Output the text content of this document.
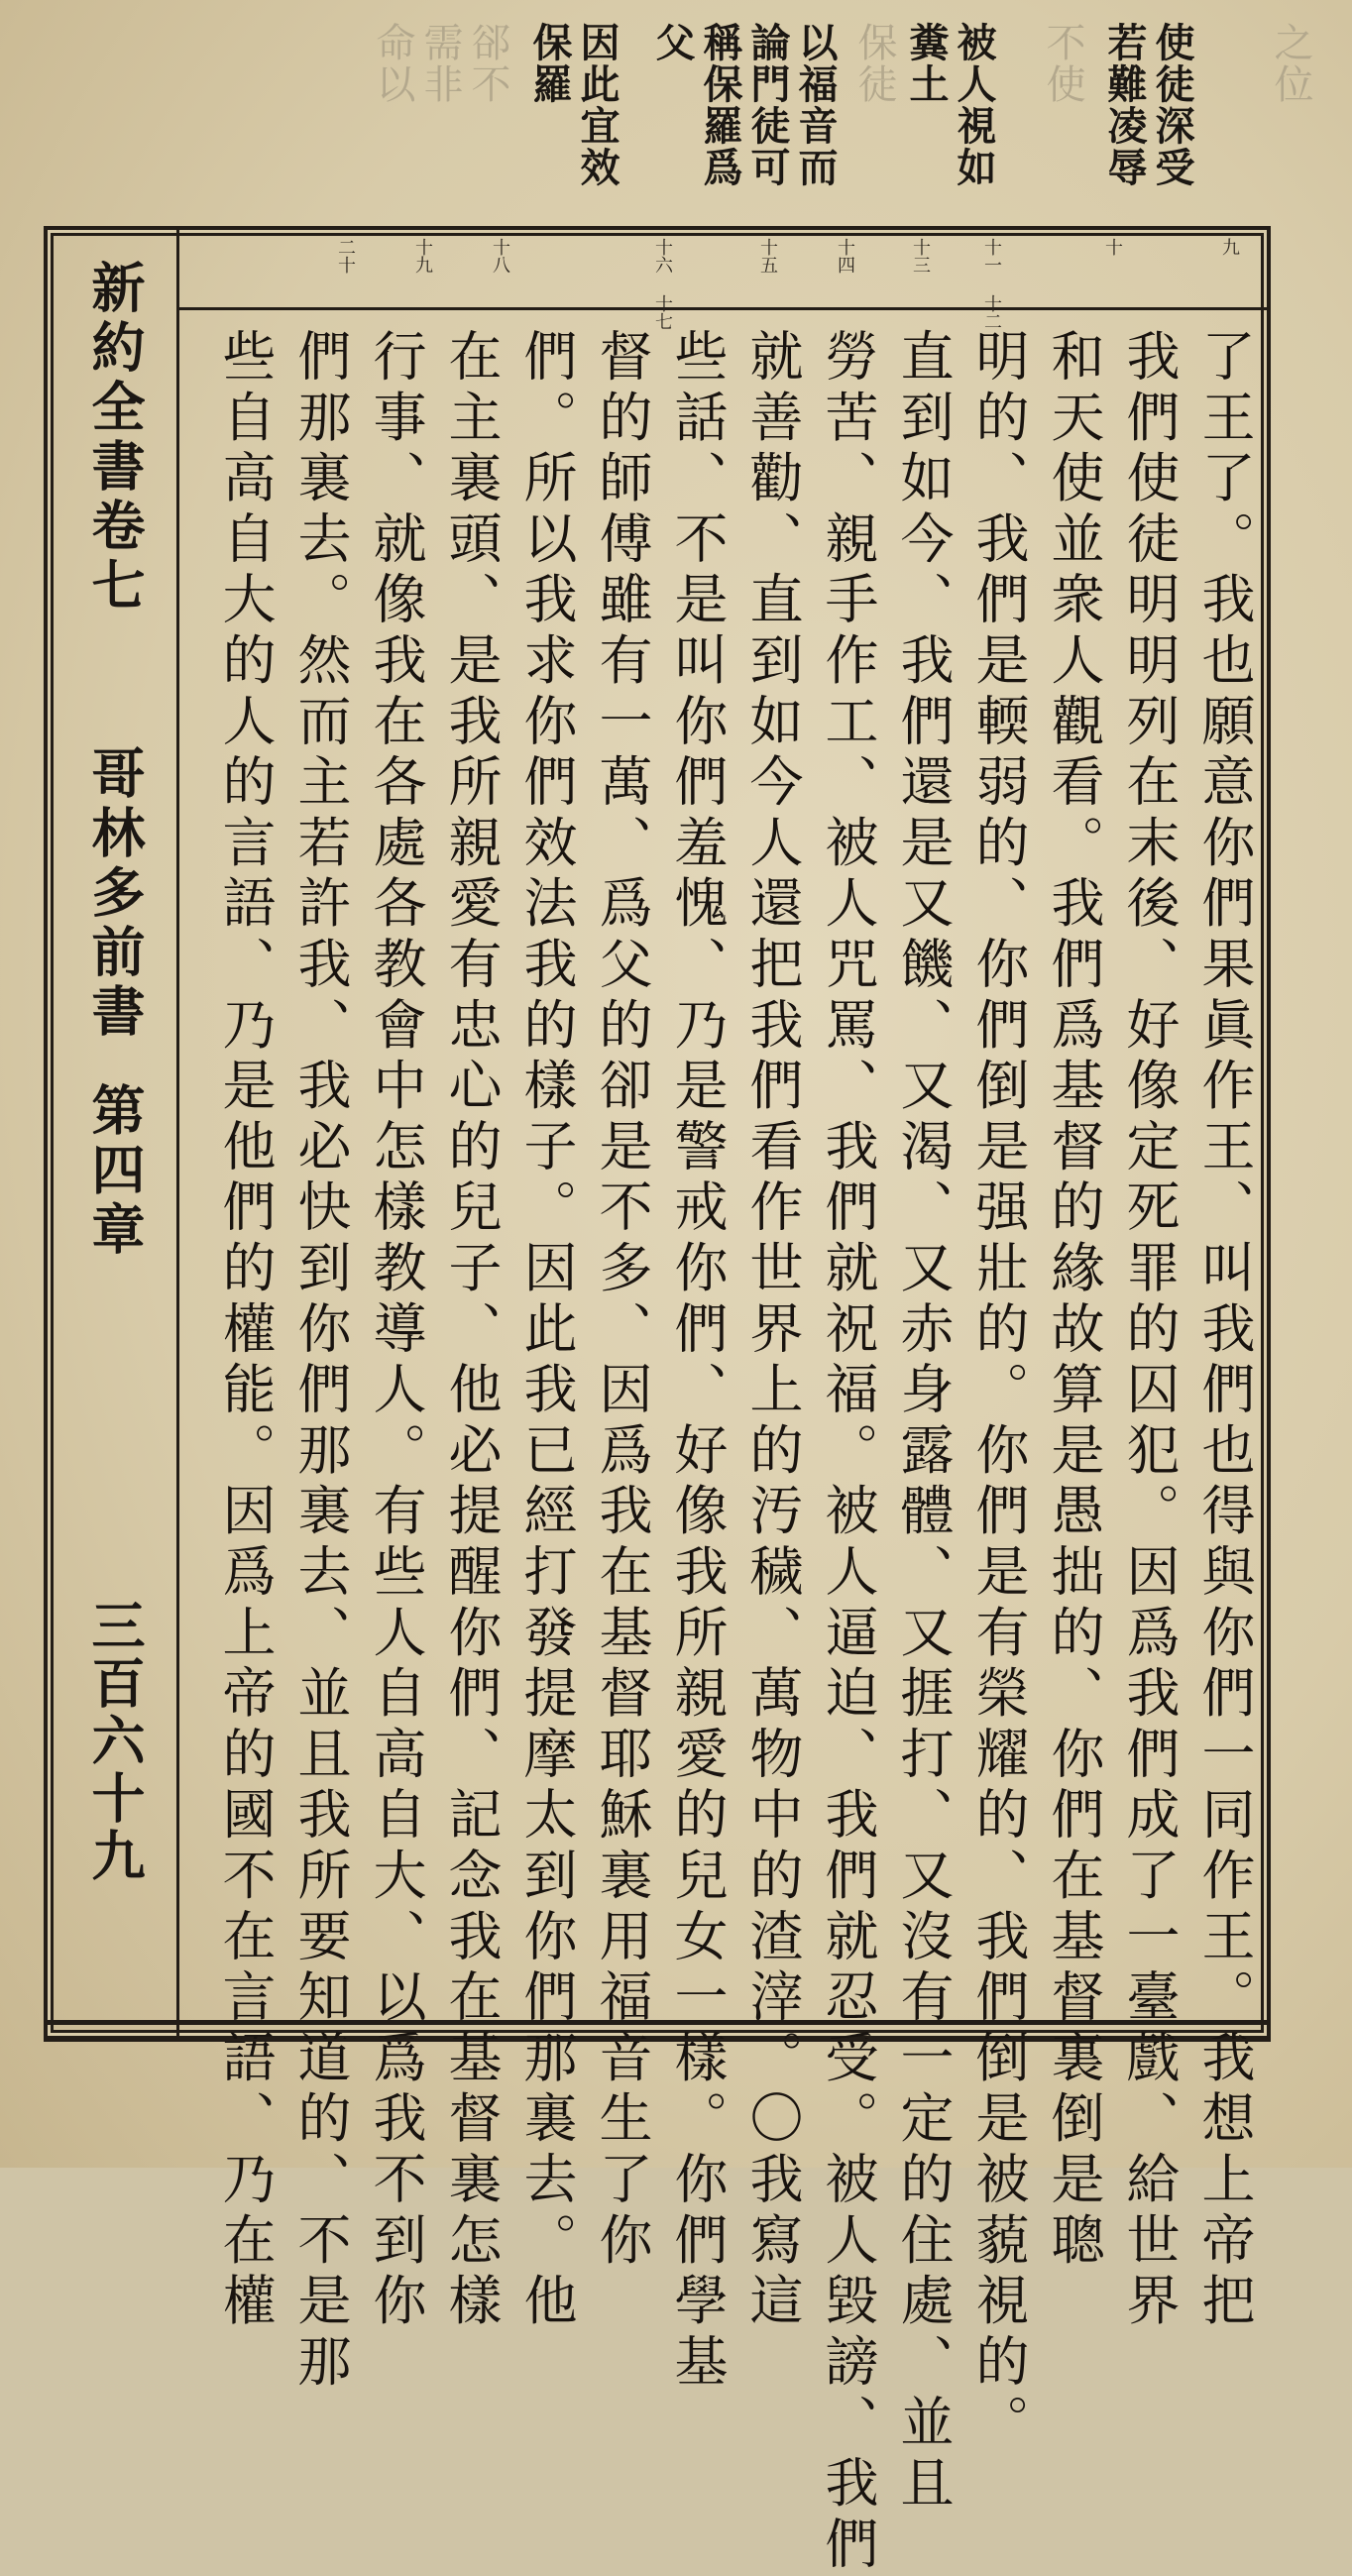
之位
使徒深受
若難凌辱
不使
被人視如
糞土
保徒
以福音而
論門徒可
稱保羅爲
父
因此宜效
保羅
郤不
需非
命以
新約全書卷七
哥林多前書
第四章
三百六十九
九
十
十一 十二
十三
十四
十五
十六 十七
十八
十九
二十
了王了。我也願意你們果眞作王、叫我們也得與你們一同作王。我想上帝把
我們使徒明明列在末後、好像定死罪的囚犯。因爲我們成了一臺戲、給世界
和天使並衆人觀看。我們爲基督的緣故算是愚拙的、你們在基督裏倒是聰
明的、我們是輭弱的、你們倒是强壯的。你們是有榮耀的、我們倒是被藐視的。
直到如今、我們還是又饑、又渴、又赤身露體、又捱打、又沒有一定的住處、並且
勞苦、親手作工、被人咒罵、我們就祝福。被人逼迫、我們就忍受。被人毀謗、我們
就善勸、直到如今人還把我們看作世界上的汚穢、萬物中的渣滓。〇我寫這
些話、不是叫你們羞愧、乃是警戒你們、好像我所親愛的兒女一樣。你們學基
督的師傅雖有一萬、爲父的卻是不多、因爲我在基督耶穌裏用福音生了你
們。所以我求你們效法我的樣子。因此我已經打發提摩太到你們那裏去。他
在主裏頭、是我所親愛有忠心的兒子、他必提醒你們、記念我在基督裏怎樣
行事、就像我在各處各教會中怎樣教導人。有些人自高自大、以爲我不到你
們那裏去。然而主若許我、我必快到你們那裏去、並且我所要知道的、不是那
些自高自大的人的言語、乃是他們的權能。因爲上帝的國不在言語、乃在權
